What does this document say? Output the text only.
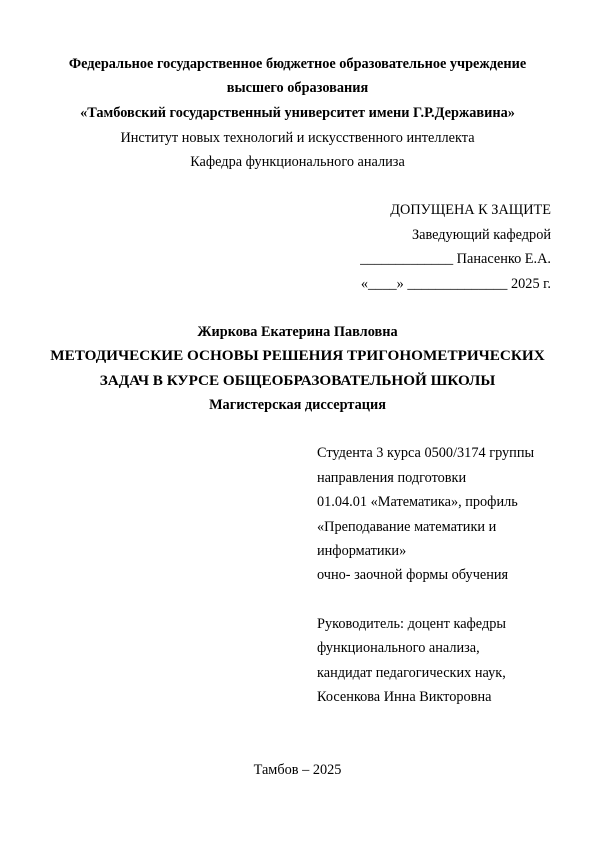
Федеральное государственное бюджетное образовательное учреждение
высшего образования
«Тамбовский государственный университет имени Г.Р.Державина»
Институт новых технологий и искусственного интеллекта
Кафедра функционального анализа
ДОПУЩЕНА К ЗАЩИТЕ
Заведующий кафедрой
_____________ Панасенко Е.А.
«____» ______________ 2025 г.
Жиркова Екатерина Павловна
МЕТОДИЧЕСКИЕ ОСНОВЫ РЕШЕНИЯ ТРИГОНОМЕТРИЧЕСКИХ
ЗАДАЧ В КУРСЕ ОБЩЕОБРАЗОВАТЕЛЬНОЙ ШКОЛЫ
Магистерская диссертация
Студента 3 курса 0500/3174 группы
направления подготовки
01.04.01 «Математика», профиль
«Преподавание математики и
информатики»
очно- заочной формы обучения
Руководитель: доцент кафедры
функционального анализа,
кандидат педагогических наук,
Косенкова Инна Викторовна
Тамбов – 2025
